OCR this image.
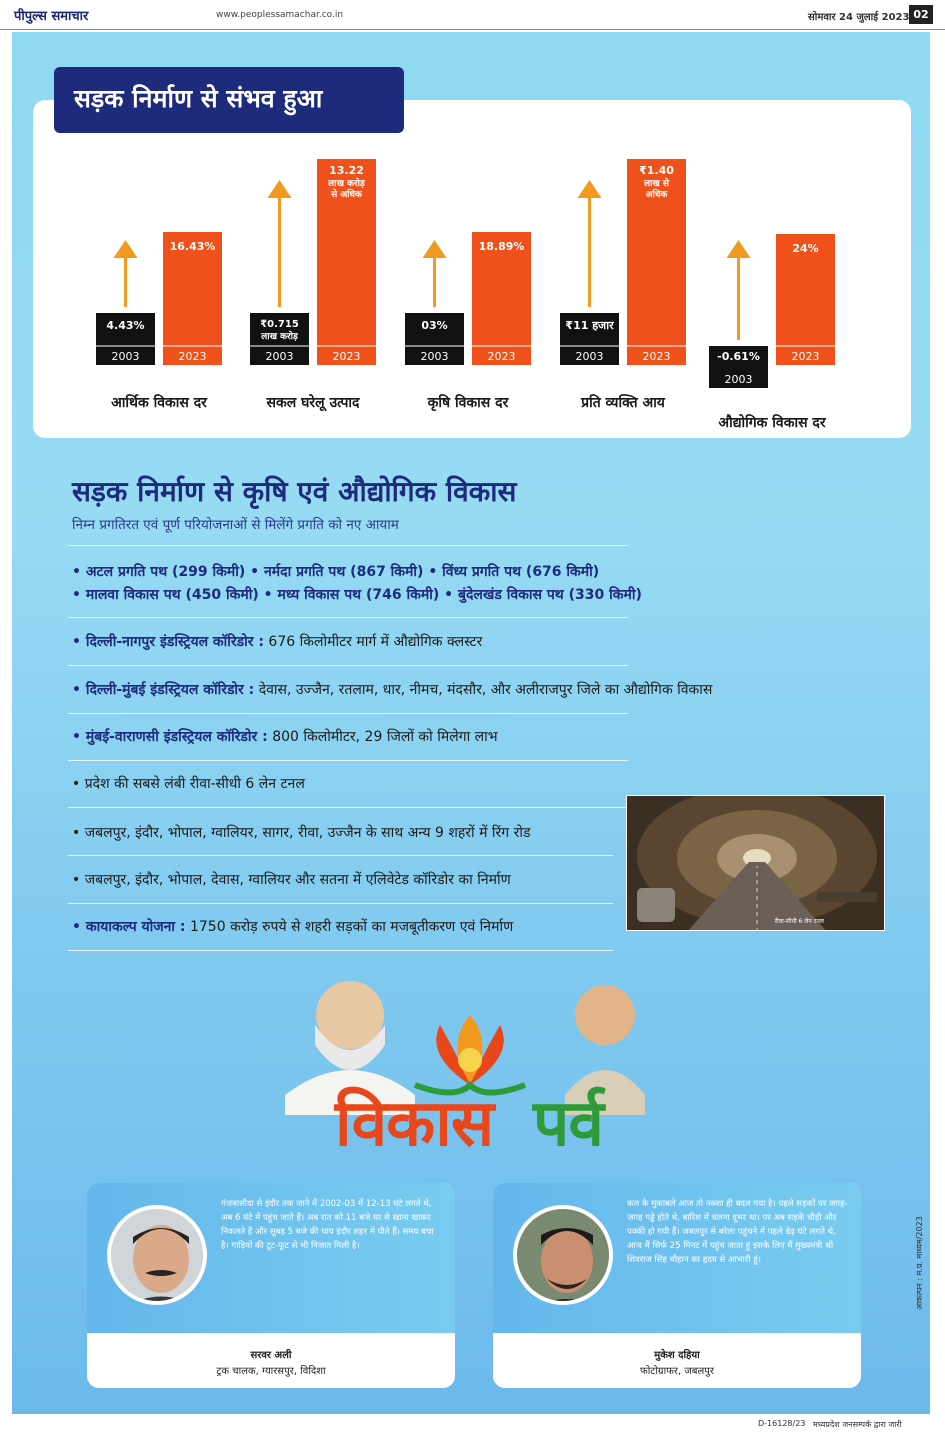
पीपुल्स समाचार	www.peoplessamachar.co.in	सोमवार 24 जुलाई 2023 02
4.43%
2003	2023
16.43%
आर्थिक विकास दर
₹0.715
लाख करोड़
2003	2023
13.22
लाख करोड़
से अधिक
सकल घरेलू उत्पाद
03%
2003	2023
18.89%
कृषि विकास दर
₹11 हजार
2003	2023
₹1.40
लाख से
अधिक
प्रति व्यक्ति आय
-0.61%
2003
2023
24%
औद्योगिक विकास दर
सड़क निर्माण से संभव हुआ
सड़क निर्माण से कृषि एवं औद्योगिक विकास
निम्न प्रगतिरत एवं पूर्ण परियोजनाओं से मिलेंगे प्रगति को नए आयाम
• अटल प्रगति पथ (299 किमी) • नर्मदा प्रगति पथ (867 किमी) • विंध्य प्रगति पथ (676 किमी)
• मालवा विकास पथ (450 किमी) • मध्य विकास पथ (746 किमी) • बुंदेलखंड विकास पथ (330 किमी)
• दिल्ली-नागपुर इंडस्ट्रियल कॉरिडोर : 676 किलोमीटर मार्ग में औद्योगिक क्लस्टर
• दिल्ली-मुंबई इंडस्ट्रियल कॉरिडोर : देवास, उज्जैन, रतलाम, धार, नीमच, मंदसौर, और अलीराजपुर जिले का औद्योगिक विकास
• मुंबई-वाराणसी इंडस्ट्रियल कॉरिडोर : 800 किलोमीटर, 29 जिलों को मिलेगा लाभ
• प्रदेश की सबसे लंबी रीवा-सीधी 6 लेन टनल
• जबलपुर, इंदौर, भोपाल, ग्वालियर, सागर, रीवा, उज्जैन के साथ अन्य 9 शहरों में रिंग रोड
• जबलपुर, इंदौर, भोपाल, देवास, ग्वालियर और सतना में एलिवेटेड कॉरिडोर का निर्माण
• कायाकल्प योजना : 1750 करोड़ रुपये से शहरी सड़कों का मजबूतीकरण एवं निर्माण	रीवा-सीधी 6 लेन टनल
विकास पर्व
गंजबासौदा से इंदौर तक जाने में 2002-03 में 12-13 घंटे लगते थे, अब 6 घंटे में पहुंच जाते हैं। अब रात को 11 बजे घर से खाना खाकर निकलते हैं और सुबह 5 बजे की चाय इंदौर शहर में पीते हैं। समय बचा है। गाड़ियों की टूट-फूट से भी निजात मिली है।
सरवर अली
ट्रक चालक, ग्यारसपुर, विदिशा
कल के मुकाबले आज तो नक्शा ही बदल गया है। पहले सड़कों पर जगह-जगह गड्ढे होते थे, बारिश में चलना दूभर था। पर अब सड़कें चौड़ी और पक्की हो गयी हैं। जबलपुर से बरेला पहुंचने में पहले डेढ़ घंटे लगते थे, आज मैं सिर्फ 25 मिनट में पहुंच जाता हूं इसके लिए मैं मुख्यमंत्री श्री शिवराज सिंह चौहान का हृदय से आभारी हूं।
मुकेश दहिया
फोटोग्राफर, जबलपुर
D-16128/23 मध्यप्रदेश जनसम्पर्क द्वारा जारी
आकल्पन : म.प्र. माध्यम/2023
